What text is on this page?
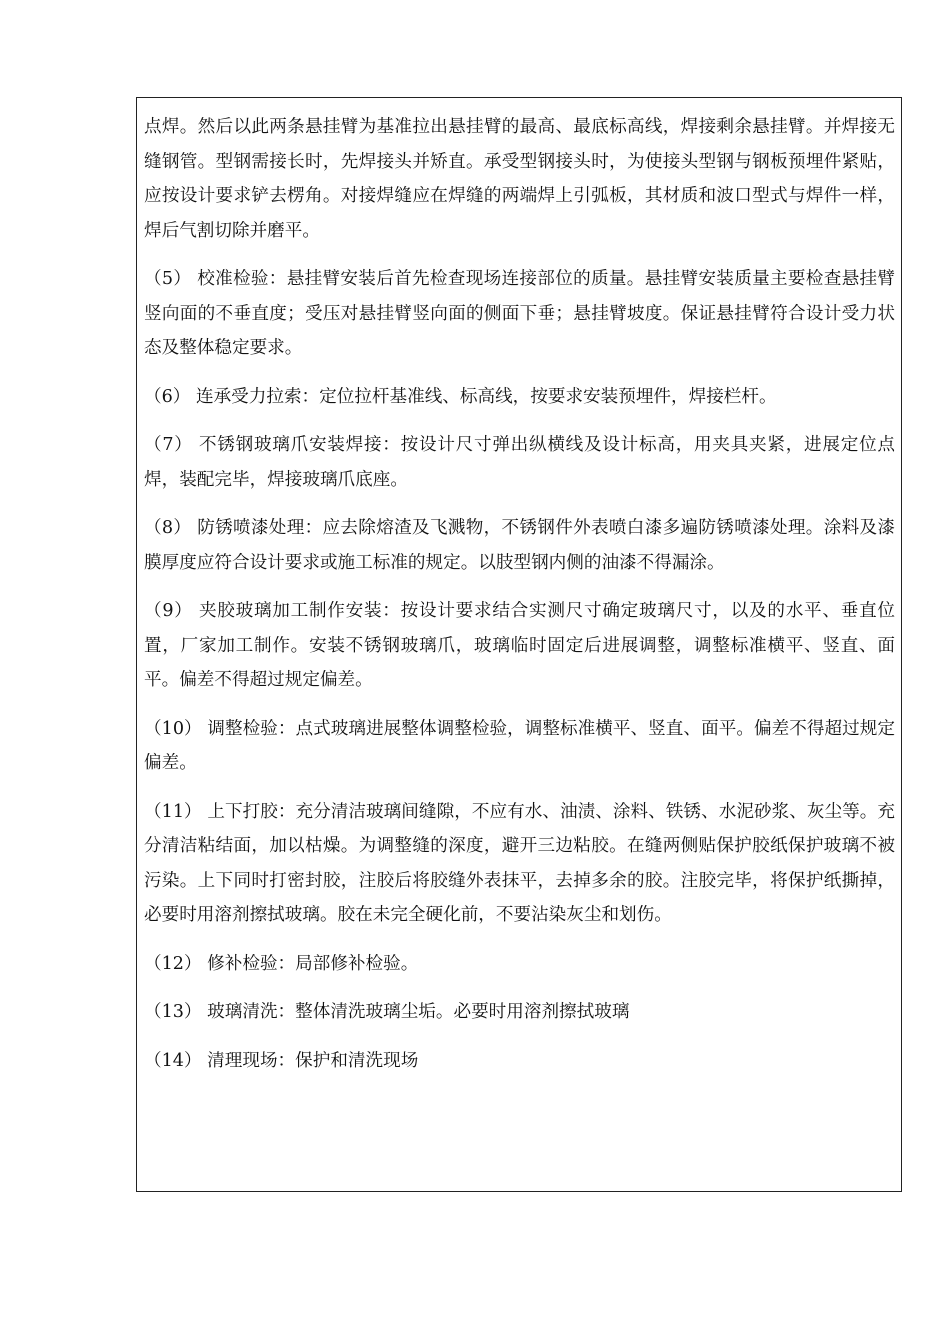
点焊。然后以此两条悬挂臂为基准拉出悬挂臂的最高、最底标高线，焊接剩余悬挂臂。并焊接无缝钢管。型钢需接长时，先焊接头并矫直。承受型钢接头时，为使接头型钢与钢板预埋件紧贴，应按设计要求铲去楞角。对接焊缝应在焊缝的两端焊上引弧板，其材质和波口型式与焊件一样，焊后气割切除并磨平。

（5） 校准检验：悬挂臂安装后首先检查现场连接部位的质量。悬挂臂安装质量主要检查悬挂臂竖向面的不垂直度；受压对悬挂臂竖向面的侧面下垂；悬挂臂坡度。保证悬挂臂符合设计受力状态及整体稳定要求。

（6） 连承受力拉索：定位拉杆基准线、标高线，按要求安装预埋件，焊接栏杆。

（7） 不锈钢玻璃爪安装焊接：按设计尺寸弹出纵横线及设计标高，用夹具夹紧，进展定位点焊，装配完毕，焊接玻璃爪底座。

（8） 防锈喷漆处理：应去除熔渣及飞溅物，不锈钢件外表喷白漆多遍防锈喷漆处理。涂料及漆膜厚度应符合设计要求或施工标准的规定。以肢型钢内侧的油漆不得漏涂。

（9） 夹胶玻璃加工制作安装：按设计要求结合实测尺寸确定玻璃尺寸，以及的水平、垂直位置，厂家加工制作。安装不锈钢玻璃爪，玻璃临时固定后进展调整，调整标准横平、竖直、面平。偏差不得超过规定偏差。

（10） 调整检验：点式玻璃进展整体调整检验，调整标准横平、竖直、面平。偏差不得超过规定偏差。

（11） 上下打胶：充分清洁玻璃间缝隙，不应有水、油渍、涂料、铁锈、水泥砂浆、灰尘等。充分清洁粘结面，加以枯燥。为调整缝的深度，避开三边粘胶。在缝两侧贴保护胶纸保护玻璃不被污染。上下同时打密封胶，注胶后将胶缝外表抹平，去掉多余的胶。注胶完毕，将保护纸撕掉，必要时用溶剂擦拭玻璃。胶在未完全硬化前，不要沾染灰尘和划伤。

（12） 修补检验：局部修补检验。

（13） 玻璃清洗：整体清洗玻璃尘垢。必要时用溶剂擦拭玻璃

（14） 清理现场：保护和清洗现场
